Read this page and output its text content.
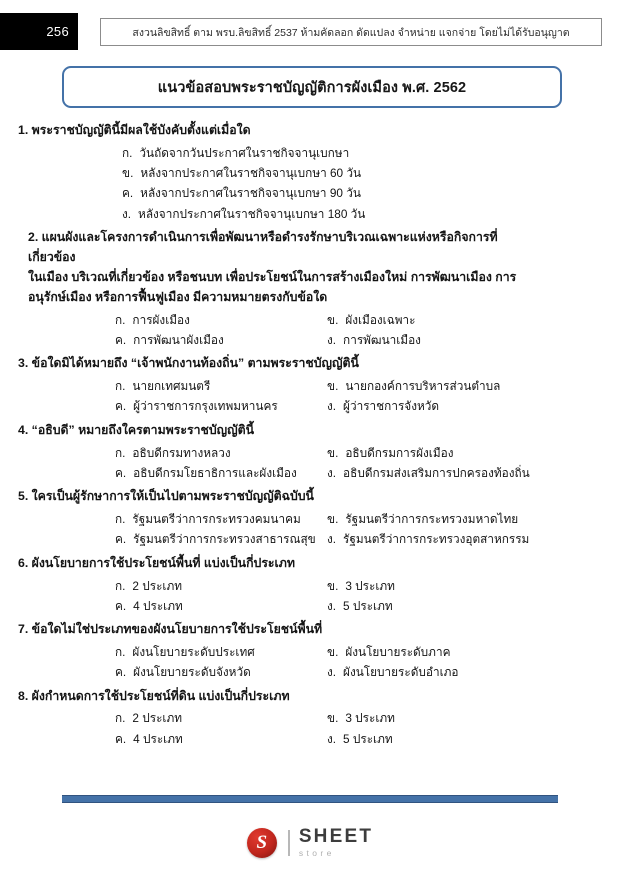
256	สงวนลิขสิทธิ์ ตาม พรบ.ลิขสิทธิ์ 2537 ห้ามคัดลอก ดัดแปลง จำหน่าย แจกจ่าย โดยไม่ได้รับอนุญาต
แนวข้อสอบพระราชบัญญัติการผังเมือง พ.ศ. 2562
1. พระราชบัญญัตินี้มีผลใช้บังคับตั้งแต่เมื่อใด
ก. วันถัดจากวันประกาศในราชกิจจานุเบกษา
ข. หลังจากประกาศในราชกิจจานุเบกษา 60 วัน
ค. หลังจากประกาศในราชกิจจานุเบกษา 90 วัน
ง. หลังจากประกาศในราชกิจจานุเบกษา 180 วัน
2. แผนผังและโครงการดำเนินการเพื่อพัฒนาหรือดำรงรักษาบริเวณเฉพาะแห่งหรือกิจการที่เกี่ยวข้อง
ในเมือง บริเวณที่เกี่ยวข้อง หรือชนบท เพื่อประโยชน์ในการสร้างเมืองใหม่ การพัฒนาเมือง การ
อนุรักษ์เมือง หรือการฟื้นฟูเมือง มีความหมายตรงกับข้อใด
ก. การผังเมือง	ข. ผังเมืองเฉพาะ
ค. การพัฒนาผังเมือง	ง. การพัฒนาเมือง
3. ข้อใดมิได้หมายถึง “เจ้าพนักงานท้องถิ่น” ตามพระราชบัญญัตินี้
ก. นายกเทศมนตรี	ข. นายกองค์การบริหารส่วนตำบล
ค. ผู้ว่าราชการกรุงเทพมหานคร	ง. ผู้ว่าราชการจังหวัด
4. “อธิบดี” หมายถึงใครตามพระราชบัญญัตินี้
ก. อธิบดีกรมทางหลวง	ข. อธิบดีกรมการผังเมือง
ค. อธิบดีกรมโยธาธิการและผังเมือง	ง. อธิบดีกรมส่งเสริมการปกครองท้องถิ่น
5. ใครเป็นผู้รักษาการให้เป็นไปตามพระราชบัญญัติฉบับนี้
ก. รัฐมนตรีว่าการกระทรวงคมนาคม	ข. รัฐมนตรีว่าการกระทรวงมหาดไทย
ค. รัฐมนตรีว่าการกระทรวงสาธารณสุข ง. รัฐมนตรีว่าการกระทรวงอุตสาหกรรม
6. ผังนโยบายการใช้ประโยชน์พื้นที่ แบ่งเป็นกี่ประเภท
ก. 2 ประเภท	ข. 3 ประเภท
ค. 4 ประเภท	ง. 5 ประเภท
7. ข้อใดไม่ใช่ประเภทของผังนโยบายการใช้ประโยชน์พื้นที่
ก. ผังนโยบายระดับประเทศ	ข. ผังนโยบายระดับภาค
ค. ผังนโยบายระดับจังหวัด	ง. ผังนโยบายระดับอำเภอ
8. ผังกำหนดการใช้ประโยชน์ที่ดิน แบ่งเป็นกี่ประเภท
ก. 2 ประเภท	ข. 3 ประเภท
ค. 4 ประเภท	ง. 5 ประเภท
S SHEET
store
